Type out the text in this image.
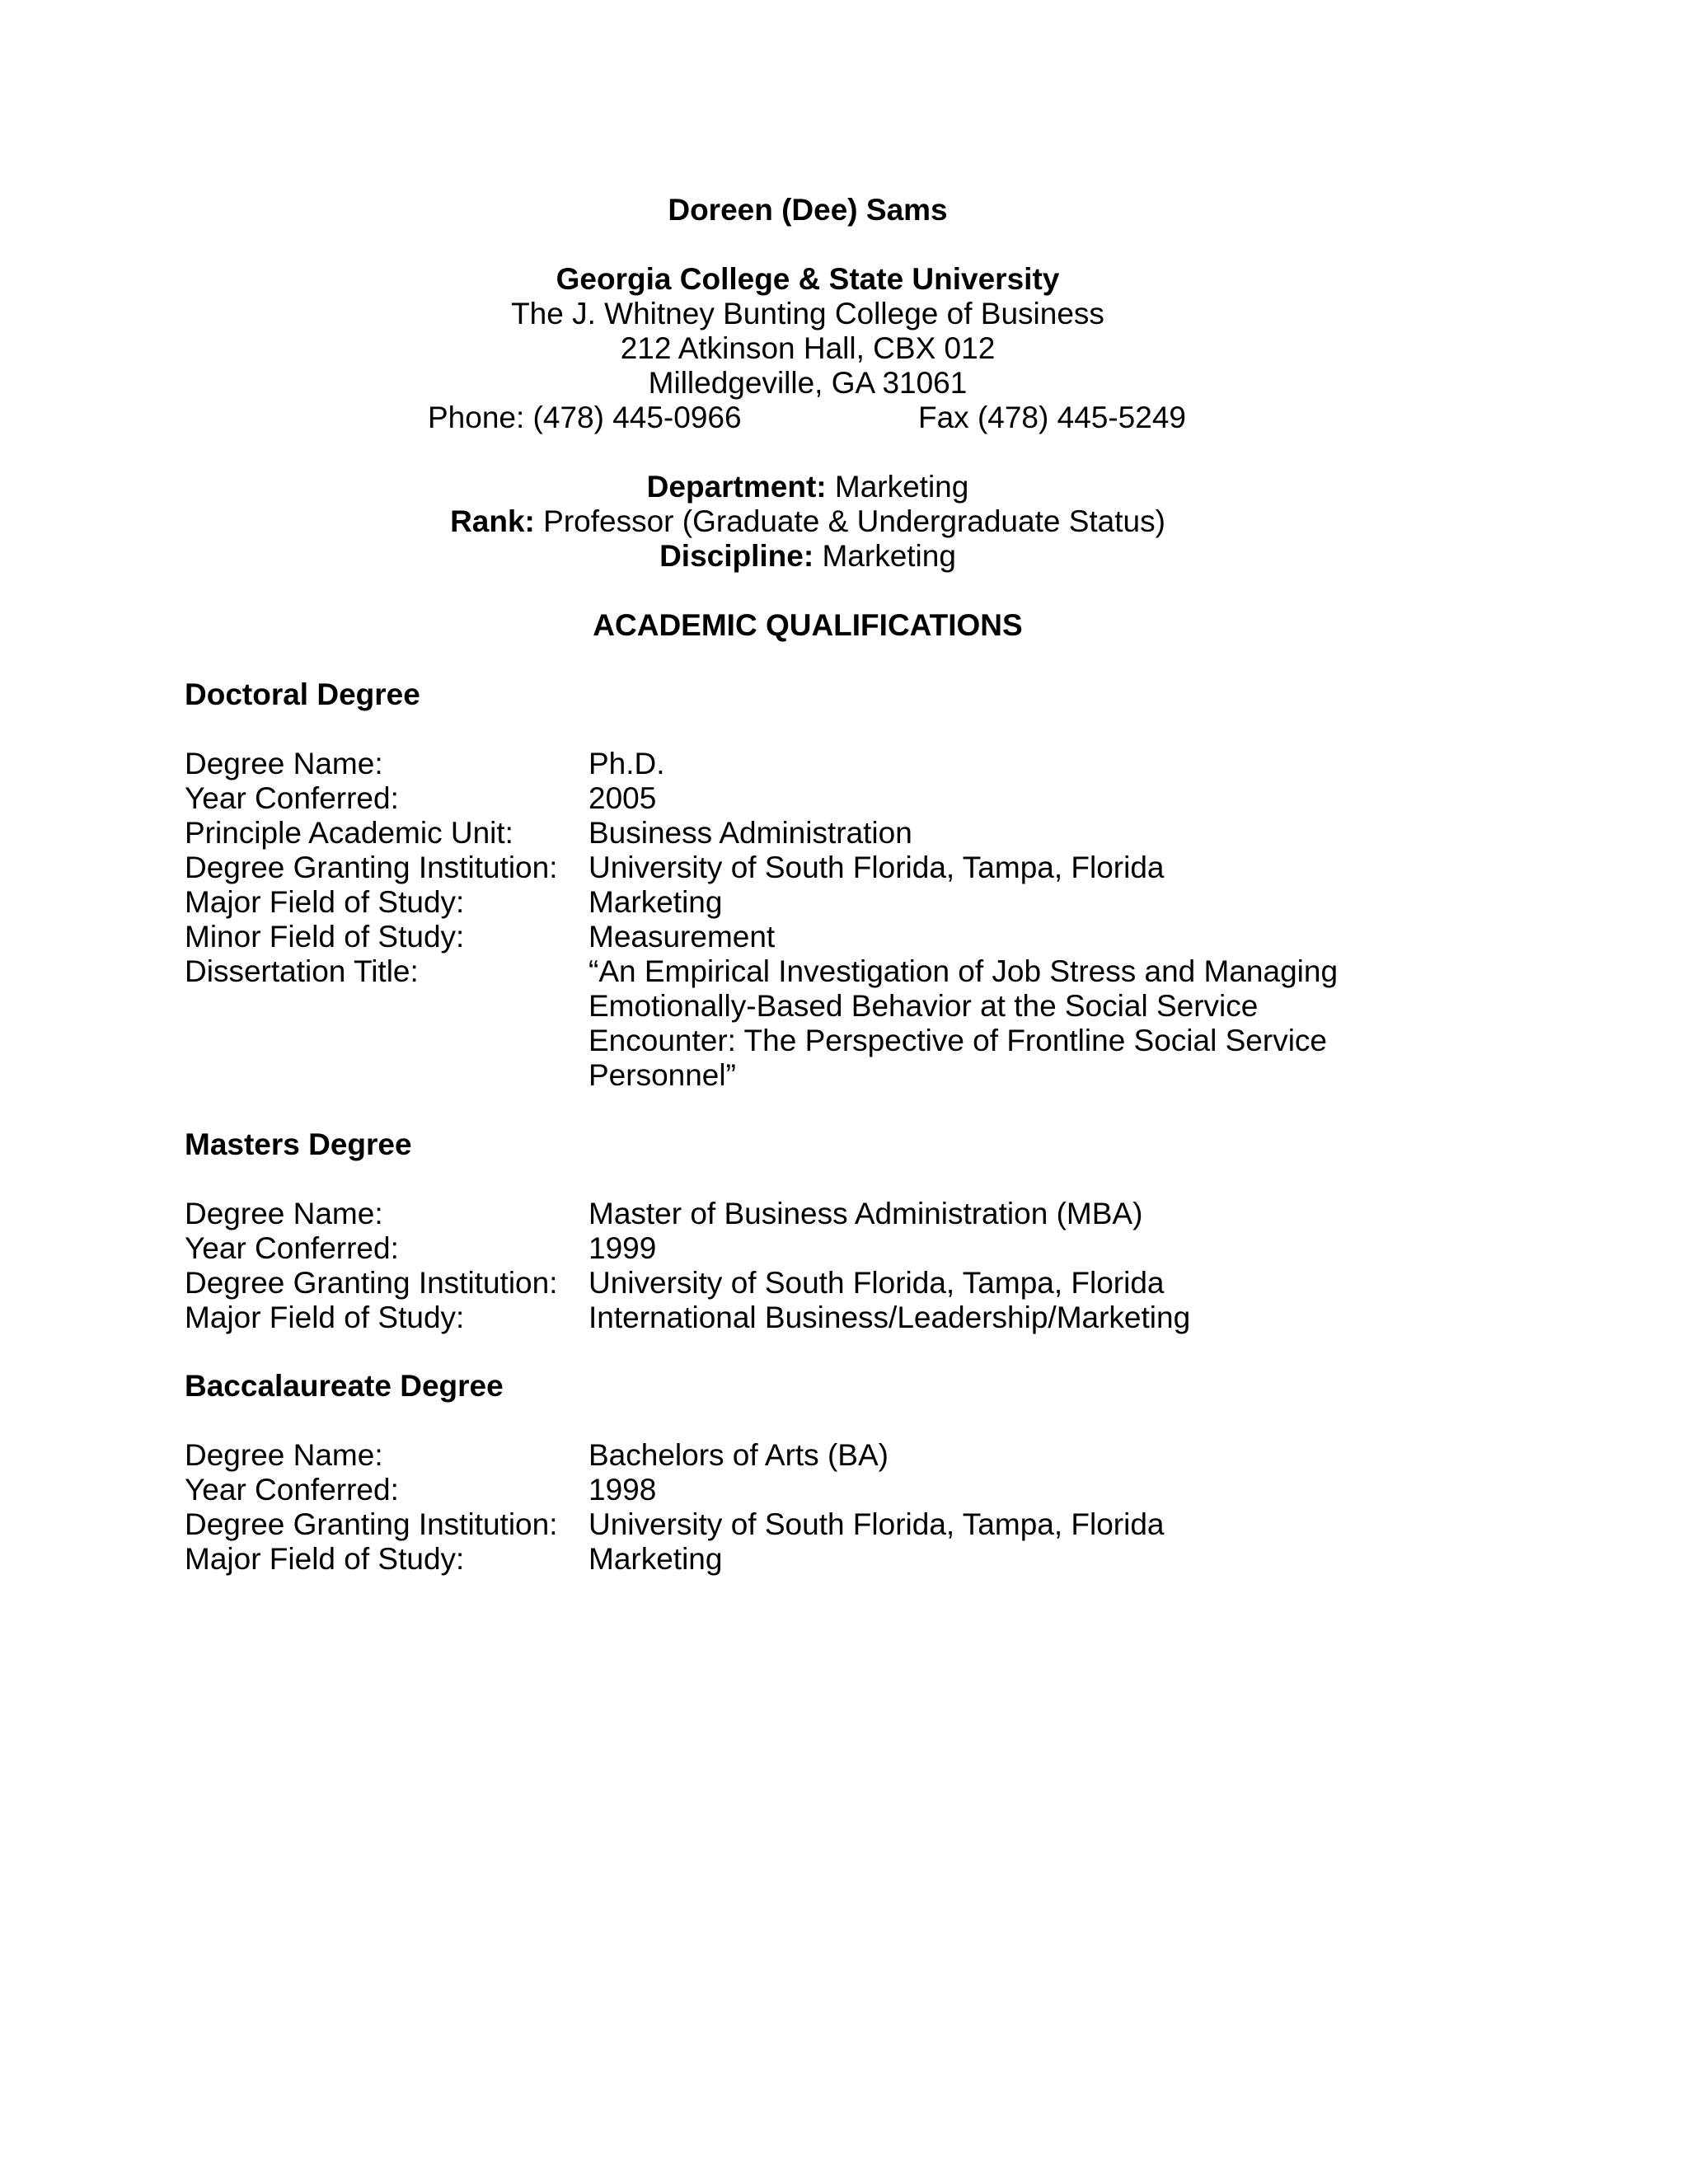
Doreen (Dee) Sams
Georgia College & State University
The J. Whitney Bunting College of Business
212 Atkinson Hall, CBX 012
Milledgeville, GA 31061
Phone: (478) 445-0966	Fax (478) 445-5249
Department: Marketing
Rank: Professor (Graduate & Undergraduate Status)
Discipline: Marketing
ACADEMIC QUALIFICATIONS
Doctoral Degree
Degree Name:	Ph.D.
Year Conferred:	2005
Principle Academic Unit:	Business Administration
Degree Granting Institution:	University of South Florida, Tampa, Florida
Major Field of Study:	Marketing
Minor Field of Study:	Measurement
Dissertation Title:	“An Empirical Investigation of Job Stress and Managing Emotionally-Based Behavior at the Social Service Encounter: The Perspective of Frontline Social Service Personnel”
Masters Degree
Degree Name:	Master of Business Administration (MBA)
Year Conferred:	1999
Degree Granting Institution:	University of South Florida, Tampa, Florida
Major Field of Study:	International Business/Leadership/Marketing
Baccalaureate Degree
Degree Name:	Bachelors of Arts (BA)
Year Conferred:	1998
Degree Granting Institution:	University of South Florida, Tampa, Florida
Major Field of Study:	Marketing
